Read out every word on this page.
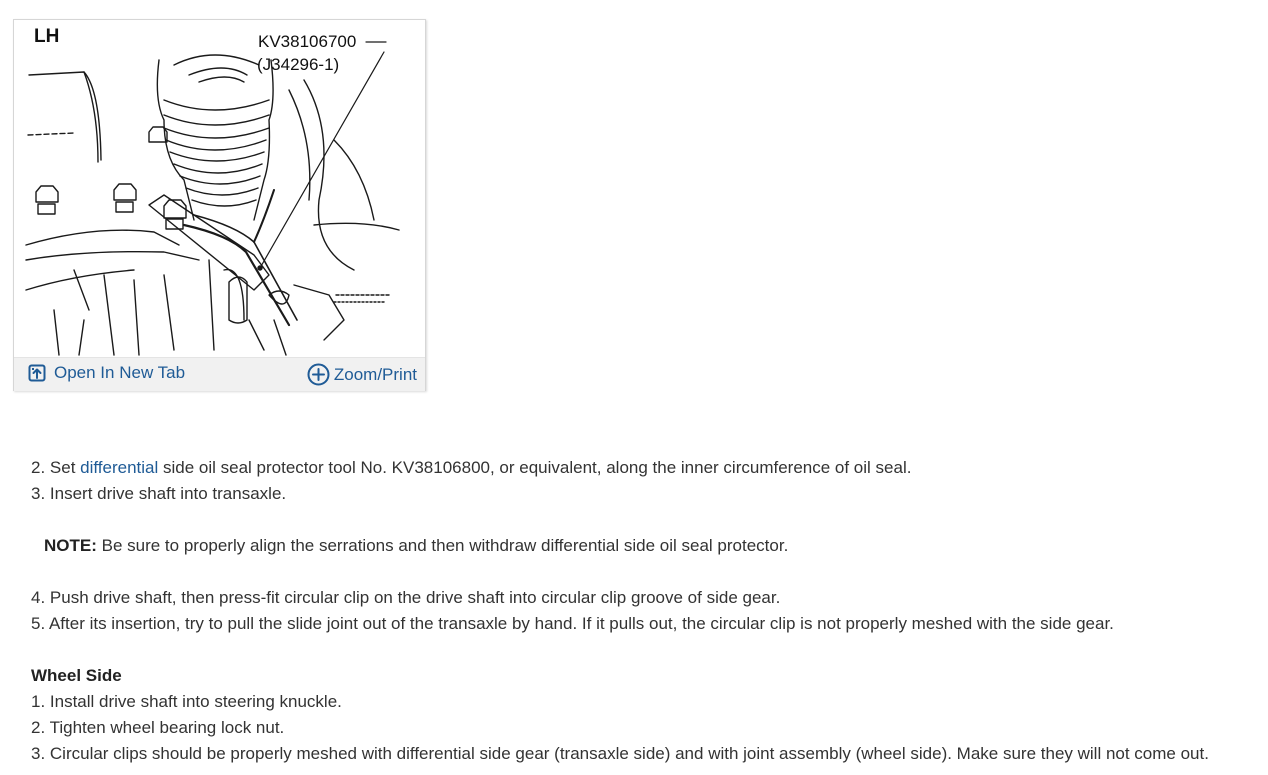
LH	KV38106700
(J34296-1)
Open In New Tab	Zoom/Print
2. Set differential side oil seal protector tool No. KV38106800, or equivalent, along the inner circumference of oil seal.
3. Insert drive shaft into transaxle.
NOTE: Be sure to properly align the serrations and then withdraw differential side oil seal protector.
4. Push drive shaft, then press-fit circular clip on the drive shaft into circular clip groove of side gear.
5. After its insertion, try to pull the slide joint out of the transaxle by hand. If it pulls out, the circular clip is not properly meshed with the side gear.
Wheel Side
1. Install drive shaft into steering knuckle.
2. Tighten wheel bearing lock nut.
3. Circular clips should be properly meshed with differential side gear (transaxle side) and with joint assembly (wheel side). Make sure they will not come out.
